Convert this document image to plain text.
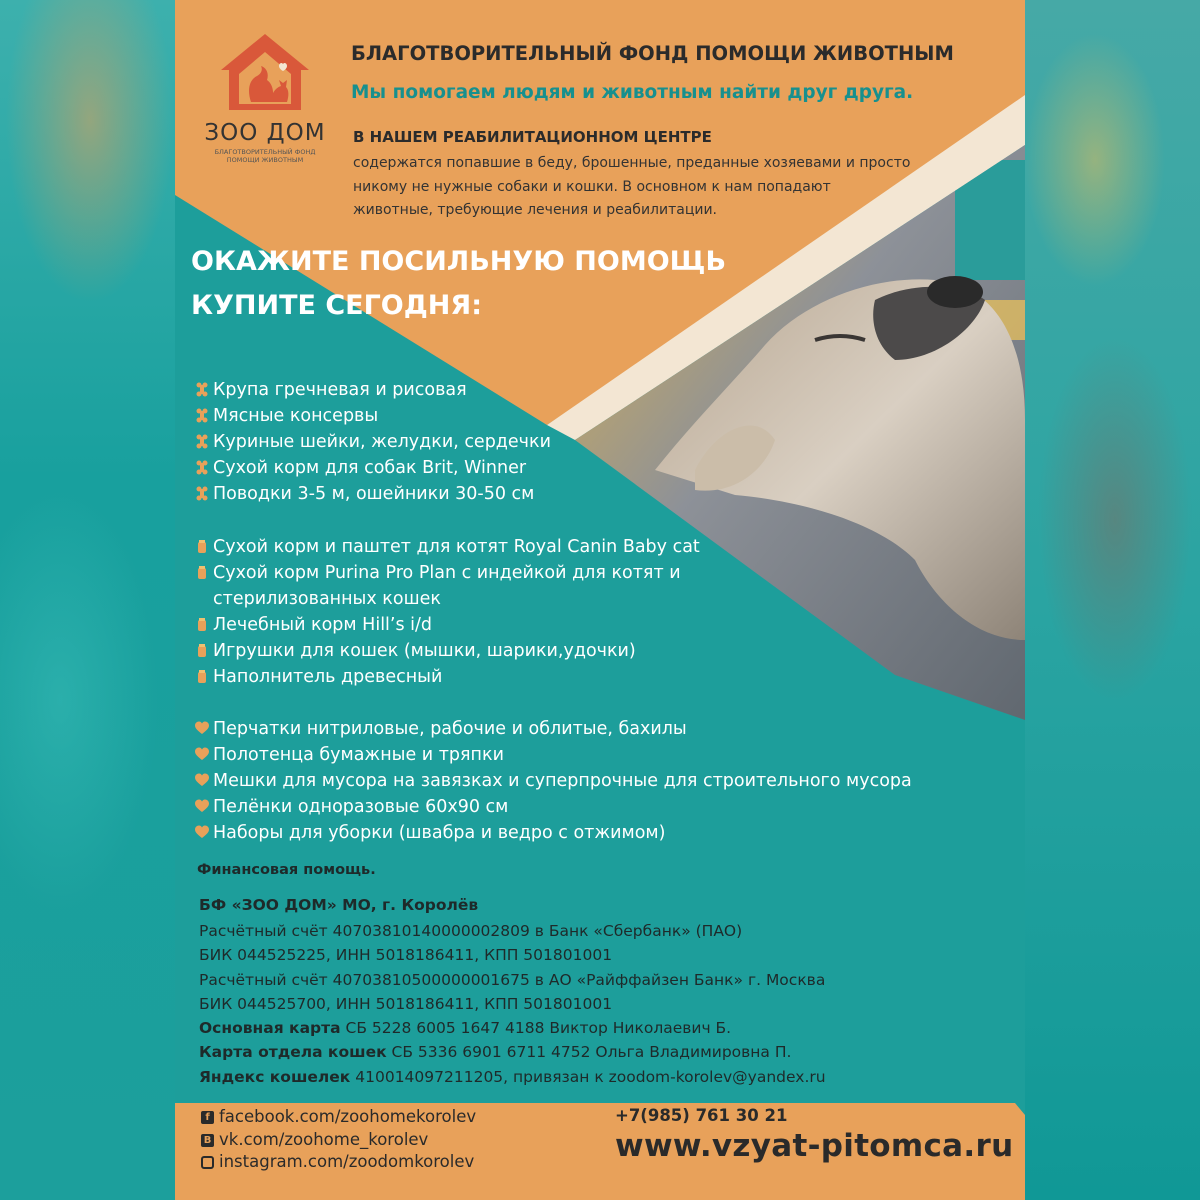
ЗОО ДОМ
БЛАГОТВОРИТЕЛЬНЫЙ ФОНД ПОМОЩИ ЖИВОТНЫМ
БЛАГОТВОРИТЕЛЬНЫЙ ФОНД ПОМОЩИ ЖИВОТНЫМ
Мы помогаем людям и животным найти друг друга.
В НАШЕМ РЕАБИЛИТАЦИОННОМ ЦЕНТРЕ
содержатся попавшие в беду, брошенные, преданные хозяевами и просто никому не нужные собаки и кошки. В основном к нам попадают животные, требующие лечения и реабилитации.
ОКАЖИТЕ ПОСИЛЬНУЮ ПОМОЩЬ
КУПИТЕ СЕГОДНЯ:
Крупа гречневая и рисовая
Мясные консервы
Куриные шейки, желудки, сердечки
Сухой корм для собак Brit, Winner
Поводки 3-5 м, ошейники 30-50 см
Сухой корм и паштет для котят Royal Canin Baby cat
Сухой корм Purina Pro Plan с индейкой для котят и стерилизованных кошек
Лечебный корм Hill’s i/d
Игрушки для кошек (мышки, шарики,удочки)
Наполнитель древесный
Перчатки нитриловые, рабочие и облитые, бахилы
Полотенца бумажные и тряпки
Мешки для мусора на завязках и суперпрочные для строительного мусора
Пелёнки одноразовые 60х90 см
Наборы для уборки (швабра и ведро с отжимом)
Финансовая помощь.
БФ «ЗОО ДОМ» МО, г. Королёв
Расчётный счёт 40703810140000002809 в Банк «Сбербанк» (ПАО)
БИК 044525225, ИНН 5018186411, КПП 501801001
Расчётный счёт 40703810500000001675 в АО «Райффайзен Банк» г. Москва
БИК 044525700, ИНН 5018186411, КПП 501801001
Основная карта СБ 5228 6005 1647 4188 Виктор Николаевич Б.
Карта отдела кошек СБ 5336 6901 6711 4752 Ольга Владимировна П.
Яндекс кошелек 410014097211205, привязан к zoodom-korolev@yandex.ru
f facebook.com/zoohomekorolev
B vk.com/zoohome_korolev
instagram.com/zoodomkorolev
+7(985) 761 30 21
www.vzyat-pitomca.ru
